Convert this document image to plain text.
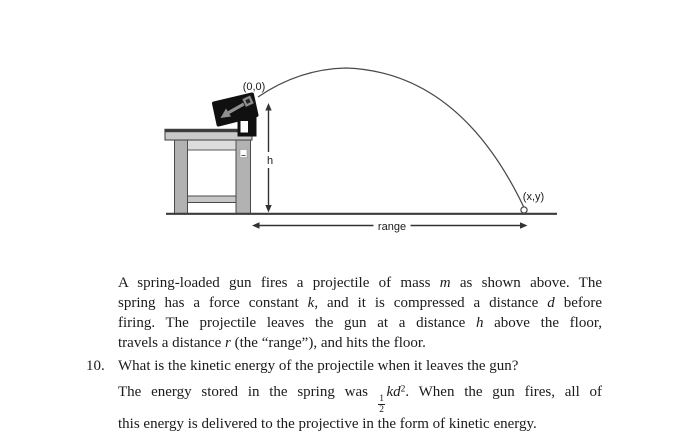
(0,0)
(x,y)
h
range
A spring-loaded gun fires a projectile of mass m as shown above. The
spring has a force constant k, and it is compressed a distance d before
firing. The projectile leaves the gun at a distance h above the floor,
travels a distance r (the “range”), and hits the floor.
10. What is the kinetic energy of the projectile when it leaves the gun?
The energy stored in the spring was
$\frac{1}{2}$
$kd^2$. When the gun fires, all of
this energy is delivered to the projective in the form of kinetic energy.
